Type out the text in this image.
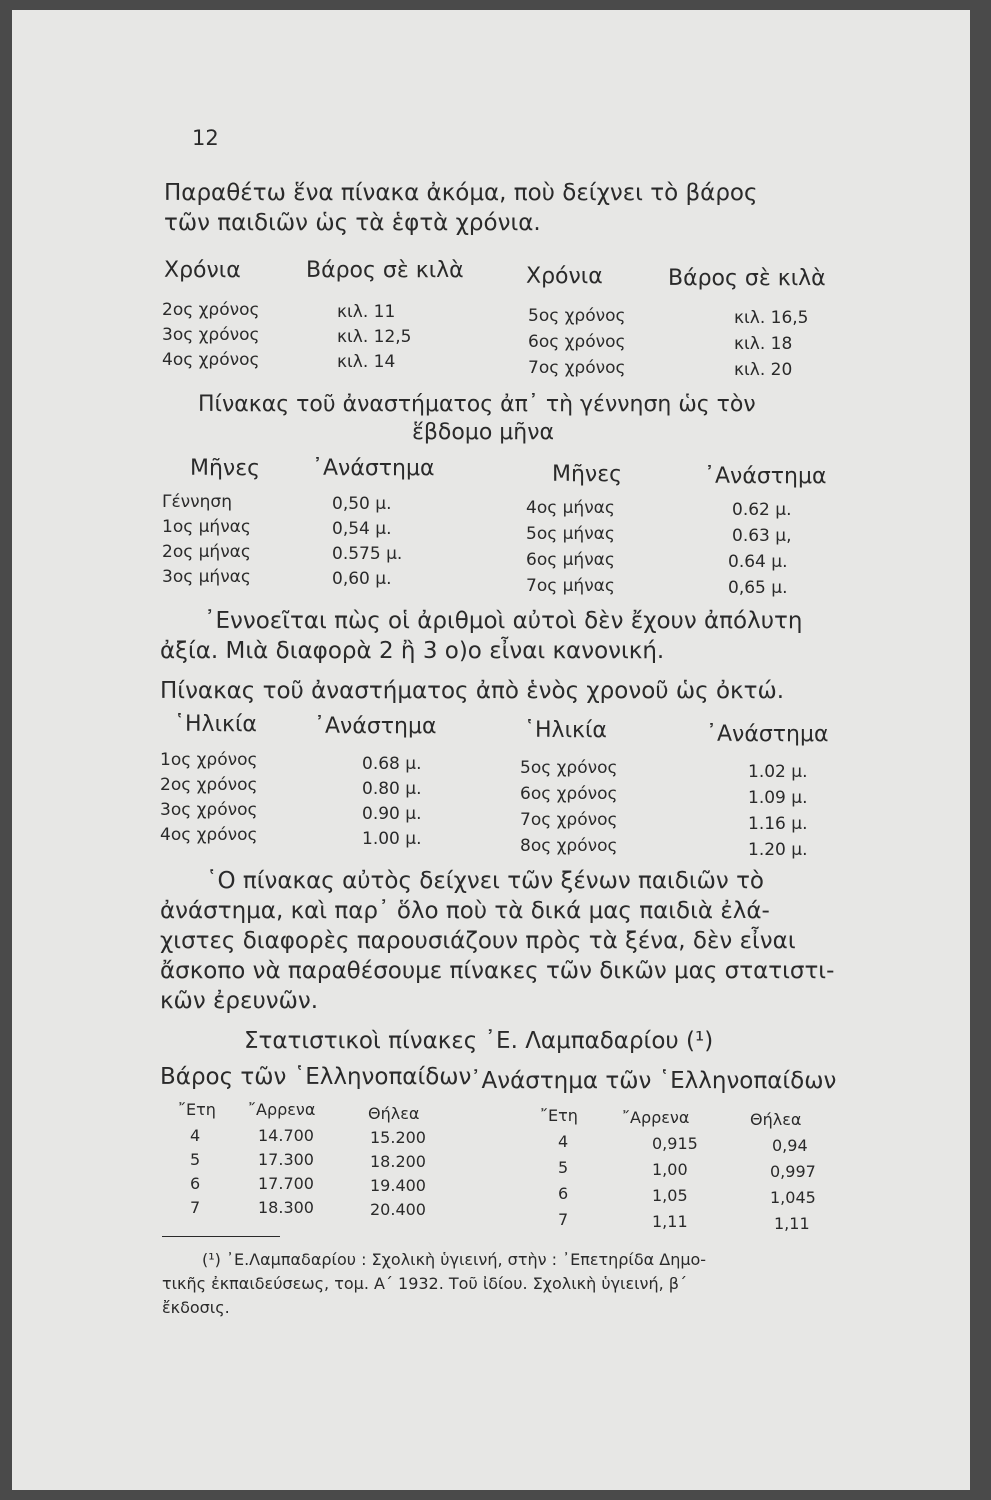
12
Παραθέτω ἕνα πίνακα ἀκόμα, ποὺ δείχνει τὸ βάρος
τῶν παιδιῶν ὡς τὰ ἑφτὰ χρόνια.
Χρόνια	Βάρος σὲ κιλὰ	Χρόνια	Βάρος σὲ κιλὰ
2ος χρόνος	κιλ. 11
3ος χρόνος	κιλ. 12,5
4ος χρόνος	κιλ. 14
5ος χρόνος	κιλ. 16,5
6ος χρόνος	κιλ. 18
7ος χρόνος	κιλ. 20
Πίνακας τοῦ ἀναστήματος ἀπ᾿ τὴ γέννηση ὡς τὸν
ἕβδομο μῆνα
Μῆνες ᾿Ανάστημα	Μῆνες	᾿Ανάστημα
Γέννηση	0,50 μ.
1ος μήνας	0,54 μ.
2ος μήνας	0.575 μ.
3ος μήνας	0,60 μ.
4ος μήνας	0.62 μ.
5ος μήνας	0.63 μ,
6ος μήνας	0.64 μ.
7ος μήνας	0,65 μ.
᾿Εννοεῖται πὼς οἱ ἀριθμοὶ αὐτοὶ δὲν ἔχουν ἀπόλυτη
ἀξία. Μιὰ διαφορὰ 2 ἢ 3 ο)ο εἶναι κανονική.
Πίνακας τοῦ ἀναστήματος ἀπὸ ἑνὸς χρονοῦ ὡς ὀκτώ.
῾Ηλικία	᾿Ανάστημα	῾Ηλικία	᾿Ανάστημα
1ος χρόνος	0.68 μ.
2ος χρόνος	0.80 μ.
3ος χρόνος	0.90 μ.
4ος χρόνος	1.00 μ.
5ος χρόνος	1.02 μ.
6ος χρόνος	1.09 μ.
7ος χρόνος	1.16 μ.
8ος χρόνος	1.20 μ.
῾Ο πίνακας αὐτὸς δείχνει τῶν ξένων παιδιῶν τὸ
ἀνάστημα, καὶ παρ᾿ ὅλο ποὺ τὰ δικά μας παιδιὰ ἐλά-
χιστες διαφορὲς παρουσιάζουν πρὸς τὰ ξένα, δὲν εἶναι
ἄσκοπο νὰ παραθέσουμε πίνακες τῶν δικῶν μας στατιστι-
κῶν ἐρευνῶν.
Στατιστικοὶ πίνακες ᾿Ε. Λαμπαδαρίου (¹)
Βάρος τῶν ῾Ελληνοπαίδων
᾿Ανάστημα τῶν ῾Ελληνοπαίδων
῎Ετη ῎Αρρενα	Θήλεα
4	14.700	15.200
5	17.300	18.200
6	17.700	19.400
7	18.300	20.400
῎Ετη	῎Αρρενα	Θήλεα
4	0,915	0,94
5	1,00	0,997
6	1,05	1,045
7	1,11	1,11
(¹) ᾿Ε.Λαμπαδαρίου : Σχολικὴ ὑγιεινή, στὴν : ᾿Επετηρίδα Δημο-
τικῆς ἐκπαιδεύσεως, τομ. Α´ 1932. Τοῦ ἰδίου. Σχολικὴ ὑγιεινή, β´
ἔκδοσις.
